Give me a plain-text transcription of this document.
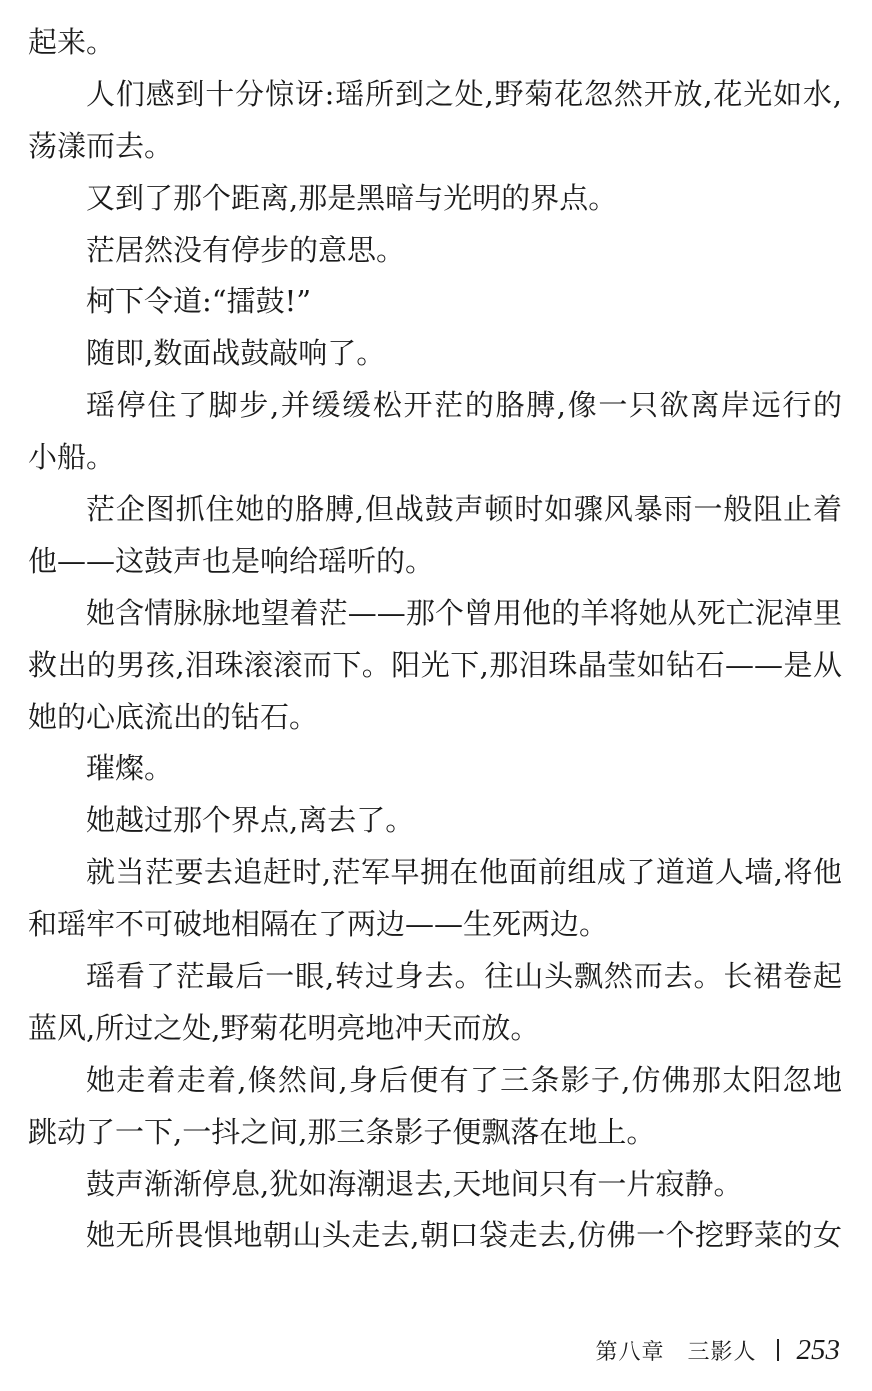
起来。
人们感到十分惊讶:瑶所到之处,野菊花忽然开放,花光如水,
荡漾而去。
又到了那个距离,那是黑暗与光明的界点。
茫居然没有停步的意思。
柯下令道:“擂鼓!”
随即,数面战鼓敲响了。
瑶停住了脚步,并缓缓松开茫的胳膊,像一只欲离岸远行的
小船。
茫企图抓住她的胳膊,但战鼓声顿时如骤风暴雨一般阻止着
他——这鼓声也是响给瑶听的。
她含情脉脉地望着茫——那个曾用他的羊将她从死亡泥淖里
救出的男孩,泪珠滚滚而下。阳光下,那泪珠晶莹如钻石——是从
她的心底流出的钻石。
璀燦。
她越过那个界点,离去了。
就当茫要去追赶时,茫军早拥在他面前组成了道道人墙,将他
和瑶牢不可破地相隔在了两边——生死两边。
瑶看了茫最后一眼,转过身去。往山头飘然而去。长裙卷起
蓝风,所过之处,野菊花明亮地冲天而放。
她走着走着,倏然间,身后便有了三条影子,仿佛那太阳忽地
跳动了一下,一抖之间,那三条影子便飘落在地上。
鼓声渐渐停息,犹如海潮退去,天地间只有一片寂静。
她无所畏惧地朝山头走去,朝口袋走去,仿佛一个挖野菜的女
第八章　三影人 253
